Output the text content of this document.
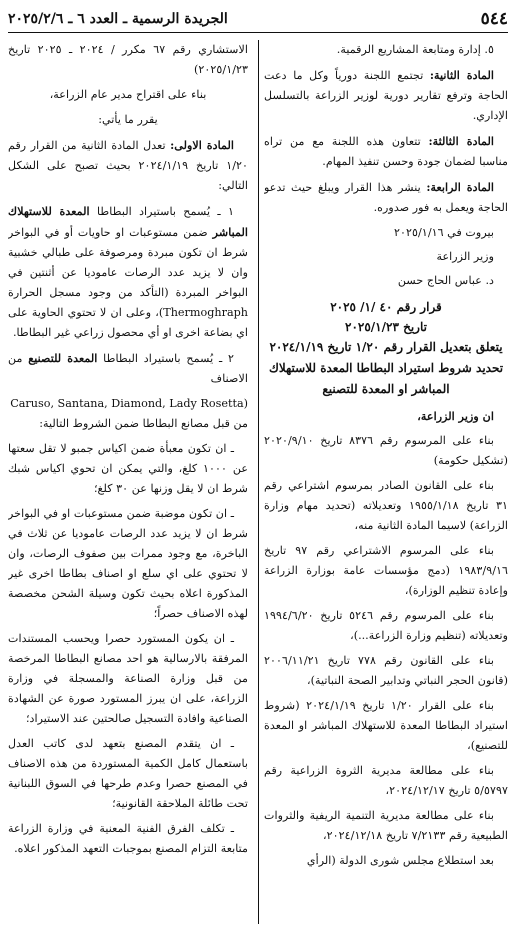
٥٤٤
الجريدة الرسمية ـ العدد ٦ ـ ٢٠٢٥/٢/٦

٥. إدارة ومتابعة المشاريع الرقمية.

المادة الثانية: تجتمع اللجنة دورياً وكل ما دعت الحاجة وترفع تقارير دورية لوزير الزراعة بالتسلسل الإداري.

المادة الثالثة: تتعاون هذه اللجنة مع من تراه مناسبا لضمان جودة وحسن تنفيذ المهام.

المادة الرابعة: ينشر هذا القرار ويبلغ حيث تدعو الحاجة ويعمل به فور صدوره.

بيروت في ٢٠٢٥/١/١٦

وزير الزراعة

د. عباس الحاج حسن

قرار رقم ٤٠ /١/ ٢٠٢٥

تاريخ ٢٠٢٥/١/٢٣

يتعلق بتعديل القرار رقم ١/٢٠ تاريخ ٢٠٢٤/١/١٩ تحديد شروط استيراد البطاطا المعدة للاستهلاك المباشر او المعدة للتصنيع

ان وزير الزراعة،

بناء على المرسوم رقم ٨٣٧٦ تاريخ ٢٠٢٠/٩/١٠ (تشكيل حكومة)

بناء على القانون الصادر بمرسوم اشتراعي رقم ٣١ تاريخ ١٩٥٥/١/١٨ وتعديلاته (تحديد مهام وزارة الزراعة) لاسيما المادة الثانية منه،

بناء على المرسوم الاشتراعي رقم ٩٧ تاريخ ١٩٨٣/٩/١٦ (دمج مؤسسات عامة بوزارة الزراعة وإعادة تنظيم الوزارة)،

بناء على المرسوم رقم ٥٢٤٦ تاريخ ١٩٩٤/٦/٢٠ وتعديلاته (تنظيم وزارة الزراعة...)،

بناء على القانون رقم ٧٧٨ تاريخ ٢٠٠٦/١١/٢١ (قانون الحجر النباتي وتدابير الصحة النباتية)،

بناء على القرار ١/٢٠ تاريخ ٢٠٢٤/١/١٩ (شروط استيراد البطاطا المعدة للاستهلاك المباشر او المعدة للتصنيع)،

بناء على مطالعة مديرية الثروة الزراعية رقم ٥/٥٧٩٧ تاريخ ٢٠٢٤/١٢/١٧،

بناء على مطالعة مديرية التنمية الريفية والثروات الطبيعية رقم ٧/٢١٣٣ تاريخ ٢٠٢٤/١٢/١٨،

بعد استطلاع مجلس شورى الدولة (الرأي

الاستشاري رقم ٦٧ مكرر / ٢٠٢٤ ـ ٢٠٢٥ تاريخ ٢٠٢٥/١/٢٣)

بناء على اقتراح مدير عام الزراعة،

يقرر ما يأتي:

المادة الاولى: تعدل المادة الثانية من القرار رقم ١/٢٠ تاريخ ٢٠٢٤/١/١٩ بحيث تصبح على الشكل التالي:

١ ـ يُسمح باستيراد البطاطا المعدة للاستهلاك المباشر ضمن مستوعبات او حاويات أو في البواخر شرط ان تكون مبردة ومرصوفة على طبالي خشبية وان لا يزيد عدد الرصات عاموديا عن أثنتين في البواخر المبردة (التأكد من وجود مسجل الحرارة Thermoghraph)، وعلى ان لا تحتوي الحاوية على اي بضاعة اخرى او أي محصول زراعي غير البطاطا.

٢ ـ يُسمح باستيراد البطاطا المعدة للتصنيع من الاصناف

(Caruso, Santana, Diamond, Lady Rosetta

من قبل مصانع البطاطا ضمن الشروط التالية:

ـ ان تكون معبأة ضمن اكياس جمبو لا تقل سعتها عن ١٠٠٠ كلغ، والتي يمكن ان تحوي اكياس شبك شرط ان لا يقل وزنها عن ٣٠ كلغ؛

ـ ان تكون موضبة ضمن مستوعبات او في البواخر شرط ان لا يزيد عدد الرصات عاموديا عن ثلاث في الباخرة، مع وجود ممرات بين صفوف الرصات، وان لا تحتوي على اي سلع او اصناف بطاطا اخرى غير المذكورة اعلاه بحيث تكون وسيلة الشحن مخصصة لهذه الاصناف حصراً؛

ـ ان يكون المستورد حصرا ويحسب المستندات المرفقة بالارسالية هو احد مصانع البطاطا المرخصة من قبل وزارة الصناعة والمسجلة في وزارة الزراعة، على ان يبرز المستورد صورة عن الشهادة الصناعية وافادة التسجيل صالحتين عند الاستيراد؛

ـ ان يتقدم المصنع بتعهد لدى كاتب العدل باستعمال كامل الكمية المستوردة من هذه الاصناف في المصنع حصرا وعدم طرحها في السوق اللبنانية تحت طائلة الملاحقة القانونية؛

ـ تكلف الفرق الفنية المعنية في وزارة الزراعة متابعة التزام المصنع بموجبات التعهد المذكور اعلاه.
